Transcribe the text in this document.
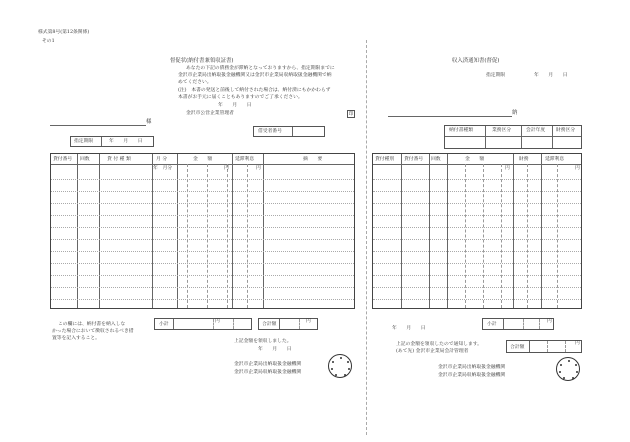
様式第8号(第12条関係)
その1
督促状(納付書兼領収証書)
あなたの下記の債務金が滞納となっておりますから、指定期限までに
金沢市企業局出納取扱金融機関又は金沢市企業局収納取扱金融機関で納
めてください。
(注)　本書の発送と前後して納付された場合は、納付済にもかかわらず
本書がお手元に届くこともありますのでご了承ください。
年　　月　　日
金沢市公営企業管理者	印
様
借受者番号
指定期限	年　　月　　日
貸付番号 回数	貸 付 種 類	月 分	金　　額	延滞利息	摘　　要
年　月分	円	円
この欄には、納付書を納入しな
かった場合において徴収されるべき措
置等を記入すること。
小計
円
合計額
円
上記金額を領収しました。
年　　月　　日
金沢市企業局出納取扱金融機関
金沢市企業局収納取扱金融機関
収入済通知書(督促)
指定期限	年　　月　　日
納
納付書種類	業務区分	会計年度 財務区分
貸付種別 貸付番号 回数	金　　額	財務	延滞利息
円	円
年　　月　　日
小計
円
合計額
円
上記の金額を領収したので通知します。
(あて先) 金沢市企業局会計管理者
金沢市企業局出納取扱金融機関
金沢市企業局収納取扱金融機関
